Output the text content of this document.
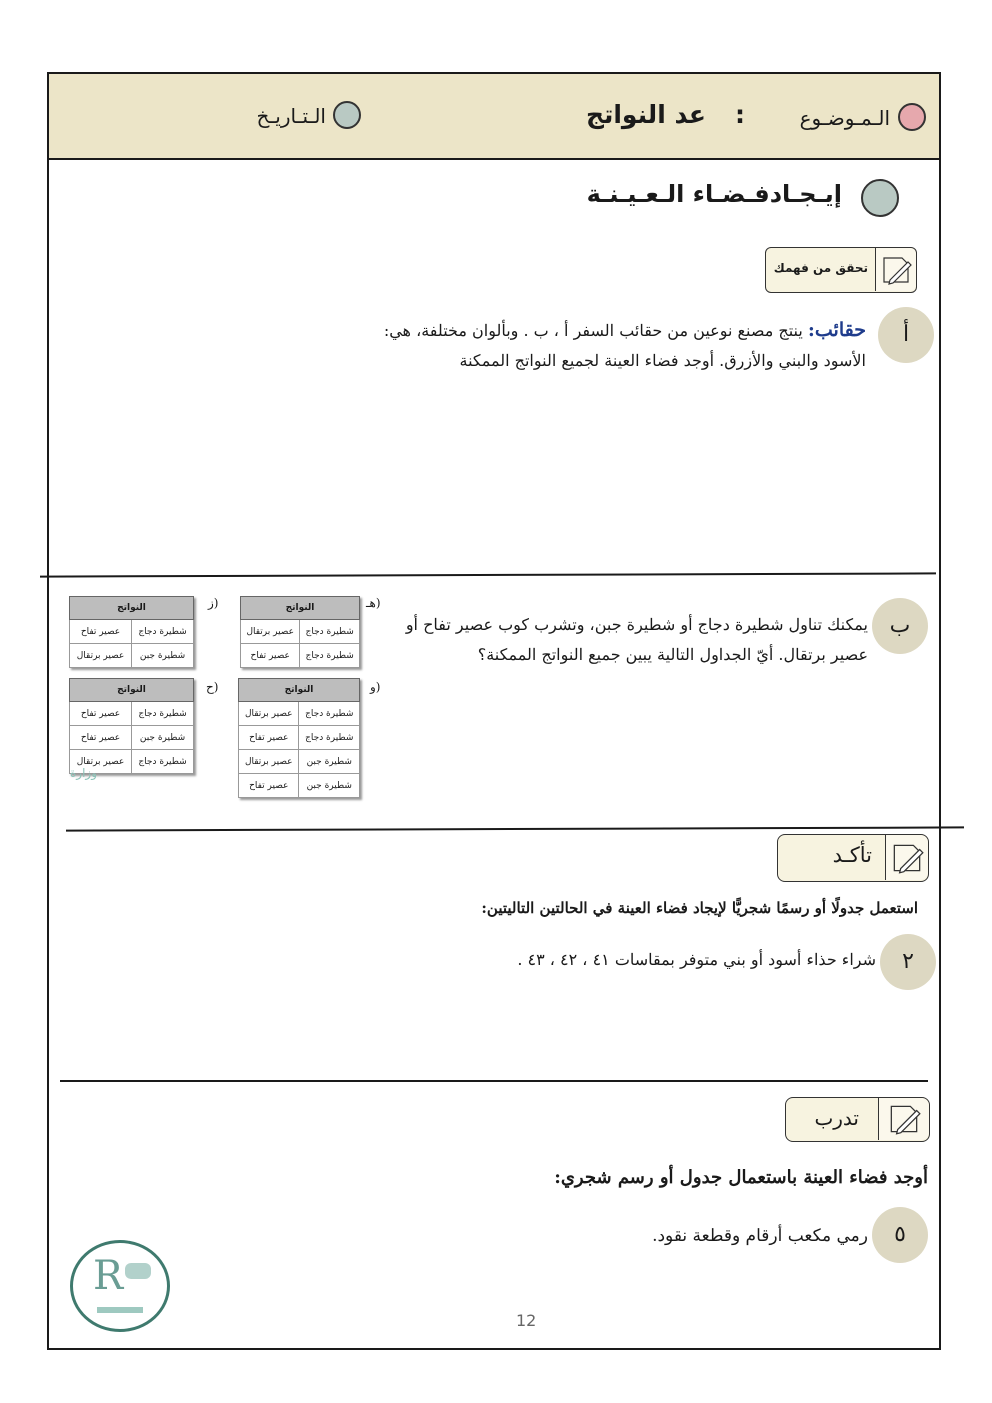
الـمـوضـوع
:
عد النواتج
الـتـاريـخ
إيـجـادفـضـاء الـعـيـنـة
تحقق من فهمك
أ
حقائب: ينتج مصنع نوعين من حقائب السفر أ ، ب . وبألوان مختلفة، هي:
الأسود والبني والأزرق. أوجد فضاء العينة لجميع النواتج الممكنة
ب
يمكنك تناول شطيرة دجاج أو شطيرة جبن، وتشرب كوب عصير تفاح أو
عصير برتقال. أيّ الجداول التالية يبين جميع النواتج الممكنة؟
هـ)
النواتج	
شطيرة دجاج	عصير برتقال
شطيرة دجاج	عصير تفاح
ز)
النواتج	
شطيرة دجاج	عصير تفاح
شطيرة جبن	عصير برتقال
و)
النواتج	
شطيرة دجاج	عصير برتقال
شطيرة دجاج	عصير تفاح
شطيرة جبن	عصير برتقال
شطيرة جبن	عصير تفاح
ح)
النواتج	
شطيرة دجاج	عصير تفاح
شطيرة جبن	عصير تفاح
شطيرة دجاج	عصير برتقال
وزارة
تأكـد
استعمل جدولًا أو رسمًا شجريًّا لإيجاد فضاء العينة في الحالتين التاليتين:
٢
شراء حذاء أسود أو بني متوفر بمقاسات ٤١ ، ٤٢ ، ٤٣ .
تدرب
أوجد فضاء العينة باستعمال جدول أو رسم شجري:
٥
رمي مكعب أرقام وقطعة نقود.
R
12
